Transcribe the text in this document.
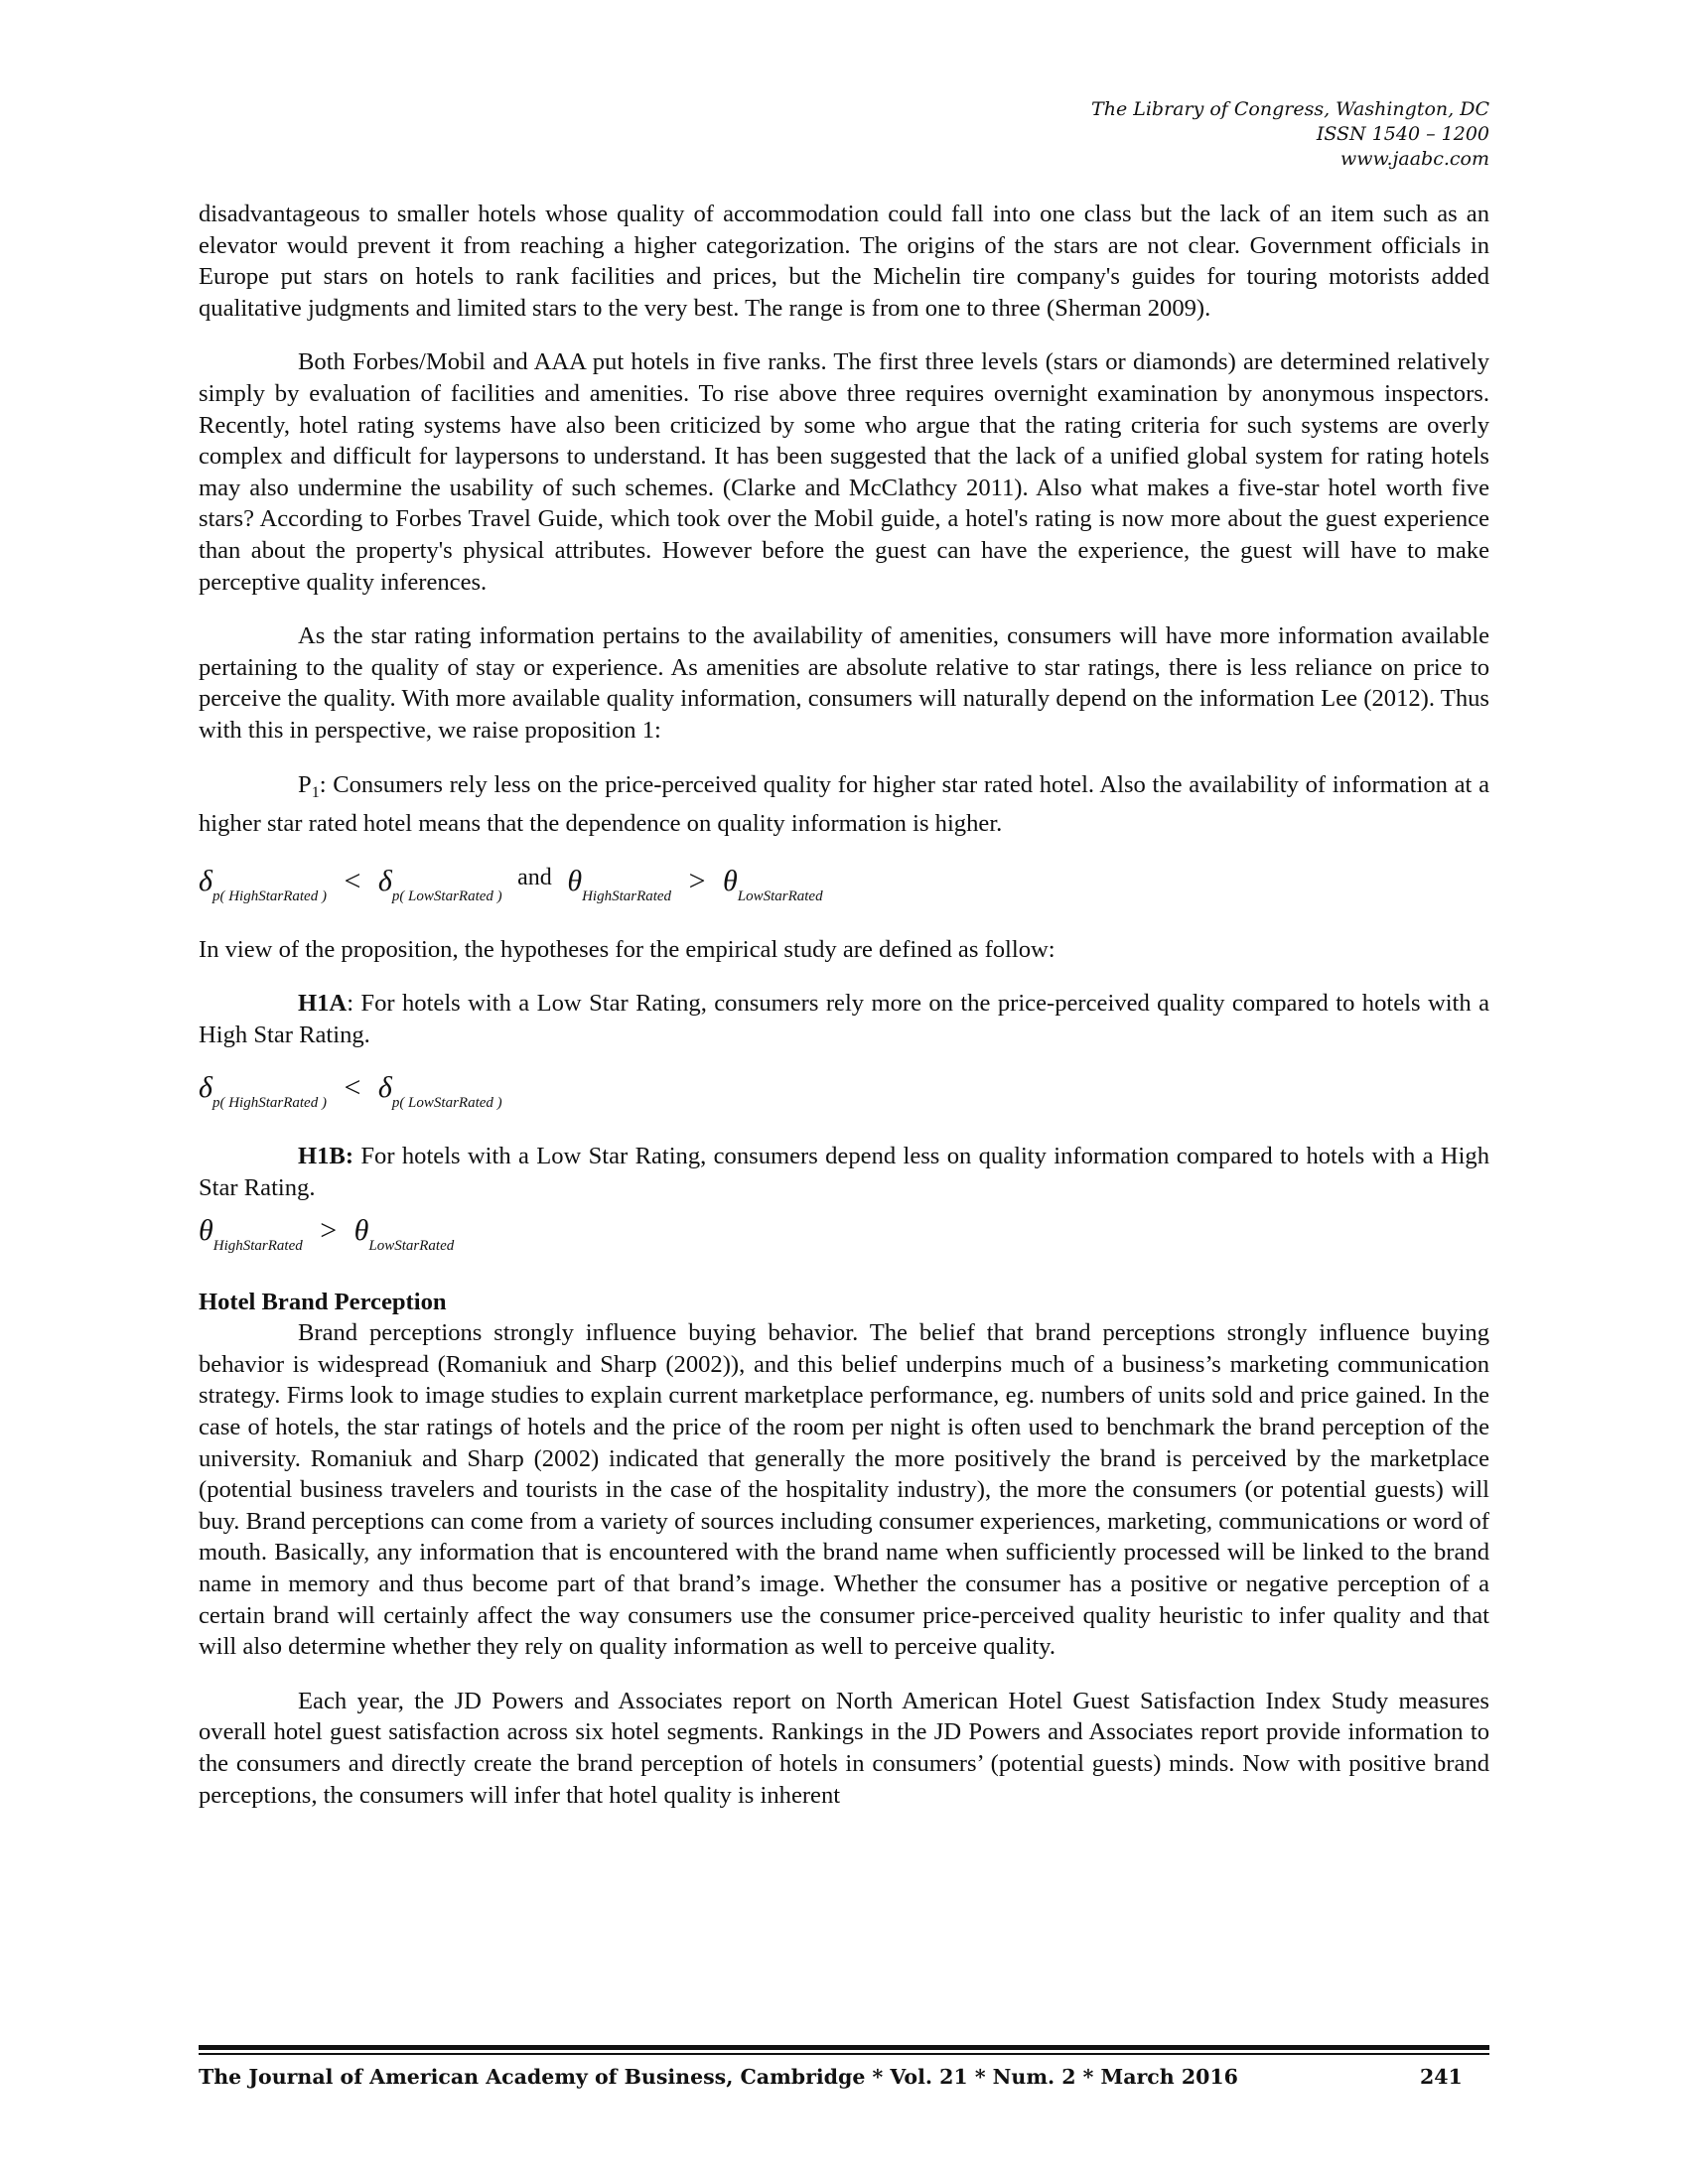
The Library of Congress, Washington, DC
ISSN 1540 – 1200
www.jaabc.com

disadvantageous to smaller hotels whose quality of accommodation could fall into one class but the lack of an item such as an elevator would prevent it from reaching a higher categorization. The origins of the stars are not clear. Government officials in Europe put stars on hotels to rank facilities and prices, but the Michelin tire company's guides for touring motorists added qualitative judgments and limited stars to the very best. The range is from one to three (Sherman 2009).

Both Forbes/Mobil and AAA put hotels in five ranks. The first three levels (stars or diamonds) are determined relatively simply by evaluation of facilities and amenities. To rise above three requires overnight examination by anonymous inspectors. Recently, hotel rating systems have also been criticized by some who argue that the rating criteria for such systems are overly complex and difficult for laypersons to understand. It has been suggested that the lack of a unified global system for rating hotels may also undermine the usability of such schemes. (Clarke and McClathcy 2011). Also what makes a five-star hotel worth five stars? According to Forbes Travel Guide, which took over the Mobil guide, a hotel's rating is now more about the guest experience than about the property's physical attributes. However before the guest can have the experience, the guest will have to make perceptive quality inferences.

As the star rating information pertains to the availability of amenities, consumers will have more information available pertaining to the quality of stay or experience. As amenities are absolute relative to star ratings, there is less reliance on price to perceive the quality. With more available quality information, consumers will naturally depend on the information Lee (2012). Thus with this in perspective, we raise proposition 1:

$P_1$: Consumers rely less on the price-perceived quality for higher star rated hotel. Also the availability of information at a higher star rated hotel means that the dependence on quality information is higher.

$\delta_{p( HighStarRated )} < \delta_{p( LowStarRated )}$ $^{and}$ $\theta_{HighStarRated} > \theta_{LowStarRated}$

In view of the proposition, the hypotheses for the empirical study are defined as follow:

H1A: For hotels with a Low Star Rating, consumers rely more on the price-perceived quality compared to hotels with a High Star Rating.

$\delta_{p( HighStarRated )} < \delta_{p( LowStarRated )}$

H1B: For hotels with a Low Star Rating, consumers depend less on quality information compared to hotels with a High Star Rating.

$\theta_{HighStarRated} > \theta_{LowStarRated}$

Hotel Brand Perception

Brand perceptions strongly influence buying behavior. The belief that brand perceptions strongly influence buying behavior is widespread (Romaniuk and Sharp (2002)), and this belief underpins much of a business’s marketing communication strategy. Firms look to image studies to explain current marketplace performance, eg. numbers of units sold and price gained. In the case of hotels, the star ratings of hotels and the price of the room per night is often used to benchmark the brand perception of the university. Romaniuk and Sharp (2002) indicated that generally the more positively the brand is perceived by the marketplace (potential business travelers and tourists in the case of the hospitality industry), the more the consumers (or potential guests) will buy. Brand perceptions can come from a variety of sources including consumer experiences, marketing, communications or word of mouth. Basically, any information that is encountered with the brand name when sufficiently processed will be linked to the brand name in memory and thus become part of that brand’s image. Whether the consumer has a positive or negative perception of a certain brand will certainly affect the way consumers use the consumer price-perceived quality heuristic to infer quality and that will also determine whether they rely on quality information as well to perceive quality.

Each year, the JD Powers and Associates report on North American Hotel Guest Satisfaction Index Study measures overall hotel guest satisfaction across six hotel segments. Rankings in the JD Powers and Associates report provide information to the consumers and directly create the brand perception of hotels in consumers’ (potential guests) minds. Now with positive brand perceptions, the consumers will infer that hotel quality is inherent

The Journal of American Academy of Business, Cambridge * Vol. 21 * Num. 2 * March 2016	241
